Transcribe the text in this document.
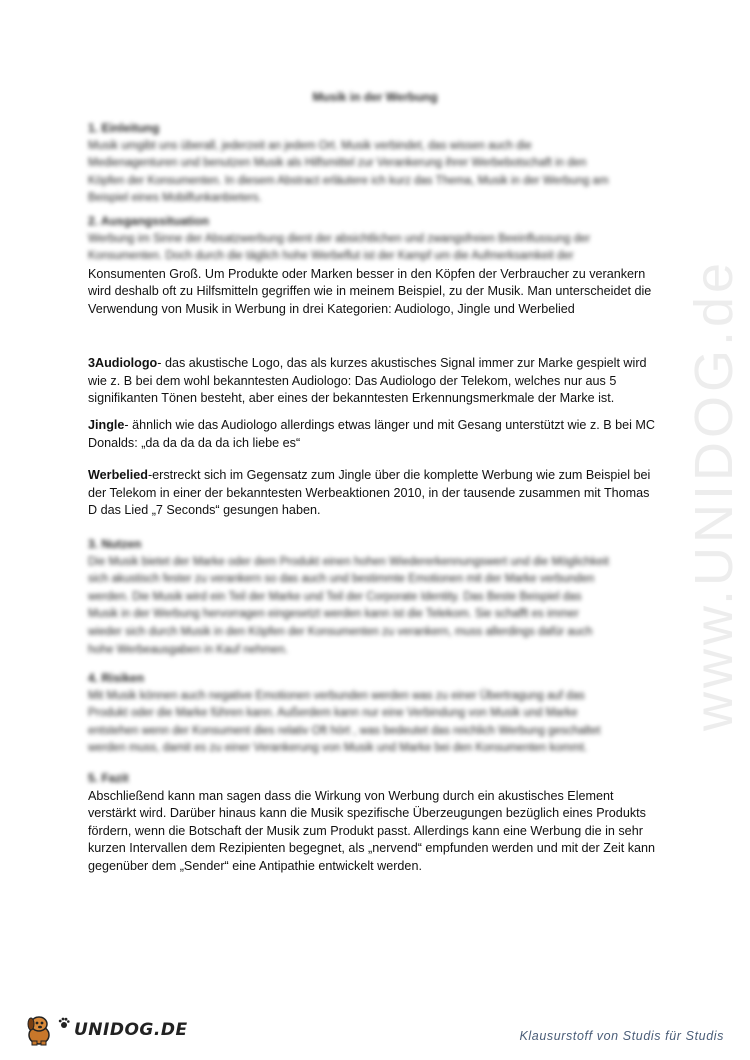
Musik in der Werbung

1. Einleitung

Musik umgibt uns überall, jederzeit an jedem Ort. Musik verbindet, das wissen auch die

Medienagenturen und benutzen Musik als Hilfsmittel zur Verankerung ihrer Werbebotschaft in den

Köpfen der Konsumenten. In diesem Abstract erläutere ich kurz das Thema, Musik in der Werbung am

Beispiel eines Mobilfunkanbieters.

2. Ausgangssituation

Werbung im Sinne der Absatzwerbung dient der absichtlichen und zwangsfreien Beeinflussung der

Konsumenten. Doch durch die täglich hohe Werbeflut ist der Kampf um die Aufmerksamkeit der

Konsumenten Groß. Um Produkte oder Marken besser in den Köpfen der Verbraucher zu verankern

wird deshalb oft zu Hilfsmitteln gegriffen wie in meinem Beispiel, zu der Musik. Man unterscheidet die

Verwendung von Musik in Werbung in drei Kategorien: Audiologo, Jingle und Werbelied

3Audiologo- das akustische Logo, das als kurzes akustisches Signal immer zur Marke gespielt wird

wie z. B bei dem wohl bekanntesten Audiologo: Das Audiologo der Telekom, welches nur aus 5

signifikanten Tönen besteht, aber eines der bekanntesten Erkennungsmerkmale der Marke ist.

Jingle- ähnlich wie das Audiologo allerdings etwas länger und mit Gesang unterstützt wie z. B bei MC

Donalds: „da da da da da ich liebe es“

Werbelied-erstreckt sich im Gegensatz zum Jingle über die komplette Werbung wie zum Beispiel bei

der Telekom in einer der bekanntesten Werbeaktionen 2010, in der tausende zusammen mit Thomas

D das Lied „7 Seconds“ gesungen haben.

3. Nutzen

Die Musik bietet der Marke oder dem Produkt einen hohen Wiedererkennungswert und die Möglichkeit

sich akustisch fester zu verankern so das auch und bestimmte Emotionen mit der Marke verbunden

werden. Die Musik wird ein Teil der Marke und Teil der Corporate Identity. Das Beste Beispiel das

Musik in der Werbung hervorragen eingesetzt werden kann ist die Telekom. Sie schafft es immer

wieder sich durch Musik in den Köpfen der Konsumenten zu verankern, muss allerdings dafür auch

hohe Werbeausgaben in Kauf nehmen.

4. Risiken

Mit Musik können auch negative Emotionen verbunden werden was zu einer Übertragung auf das

Produkt oder die Marke führen kann. Außerdem kann nur eine Verbindung von Musik und Marke

entstehen wenn der Konsument dies relativ Oft hört , was bedeutet das reichlich Werbung geschaltet

werden muss, damit es zu einer Verankerung von Musik und Marke bei den Konsumenten kommt.

5. Fazit

Abschließend kann man sagen dass die Wirkung von Werbung durch ein akustisches Element

verstärkt wird. Darüber hinaus kann die Musik spezifische Überzeugungen bezüglich eines Produkts

fördern, wenn die Botschaft der Musik zum Produkt passt. Allerdings kann eine Werbung die in sehr

kurzen Intervallen dem Rezipienten begegnet, als „nervend“ empfunden werden und mit der Zeit kann

gegenüber dem „Sender“ eine Antipathie entwickelt werden.

www.UNIDOG.de
UNIDOG.DE	Klausurstoff von Studis für Studis
